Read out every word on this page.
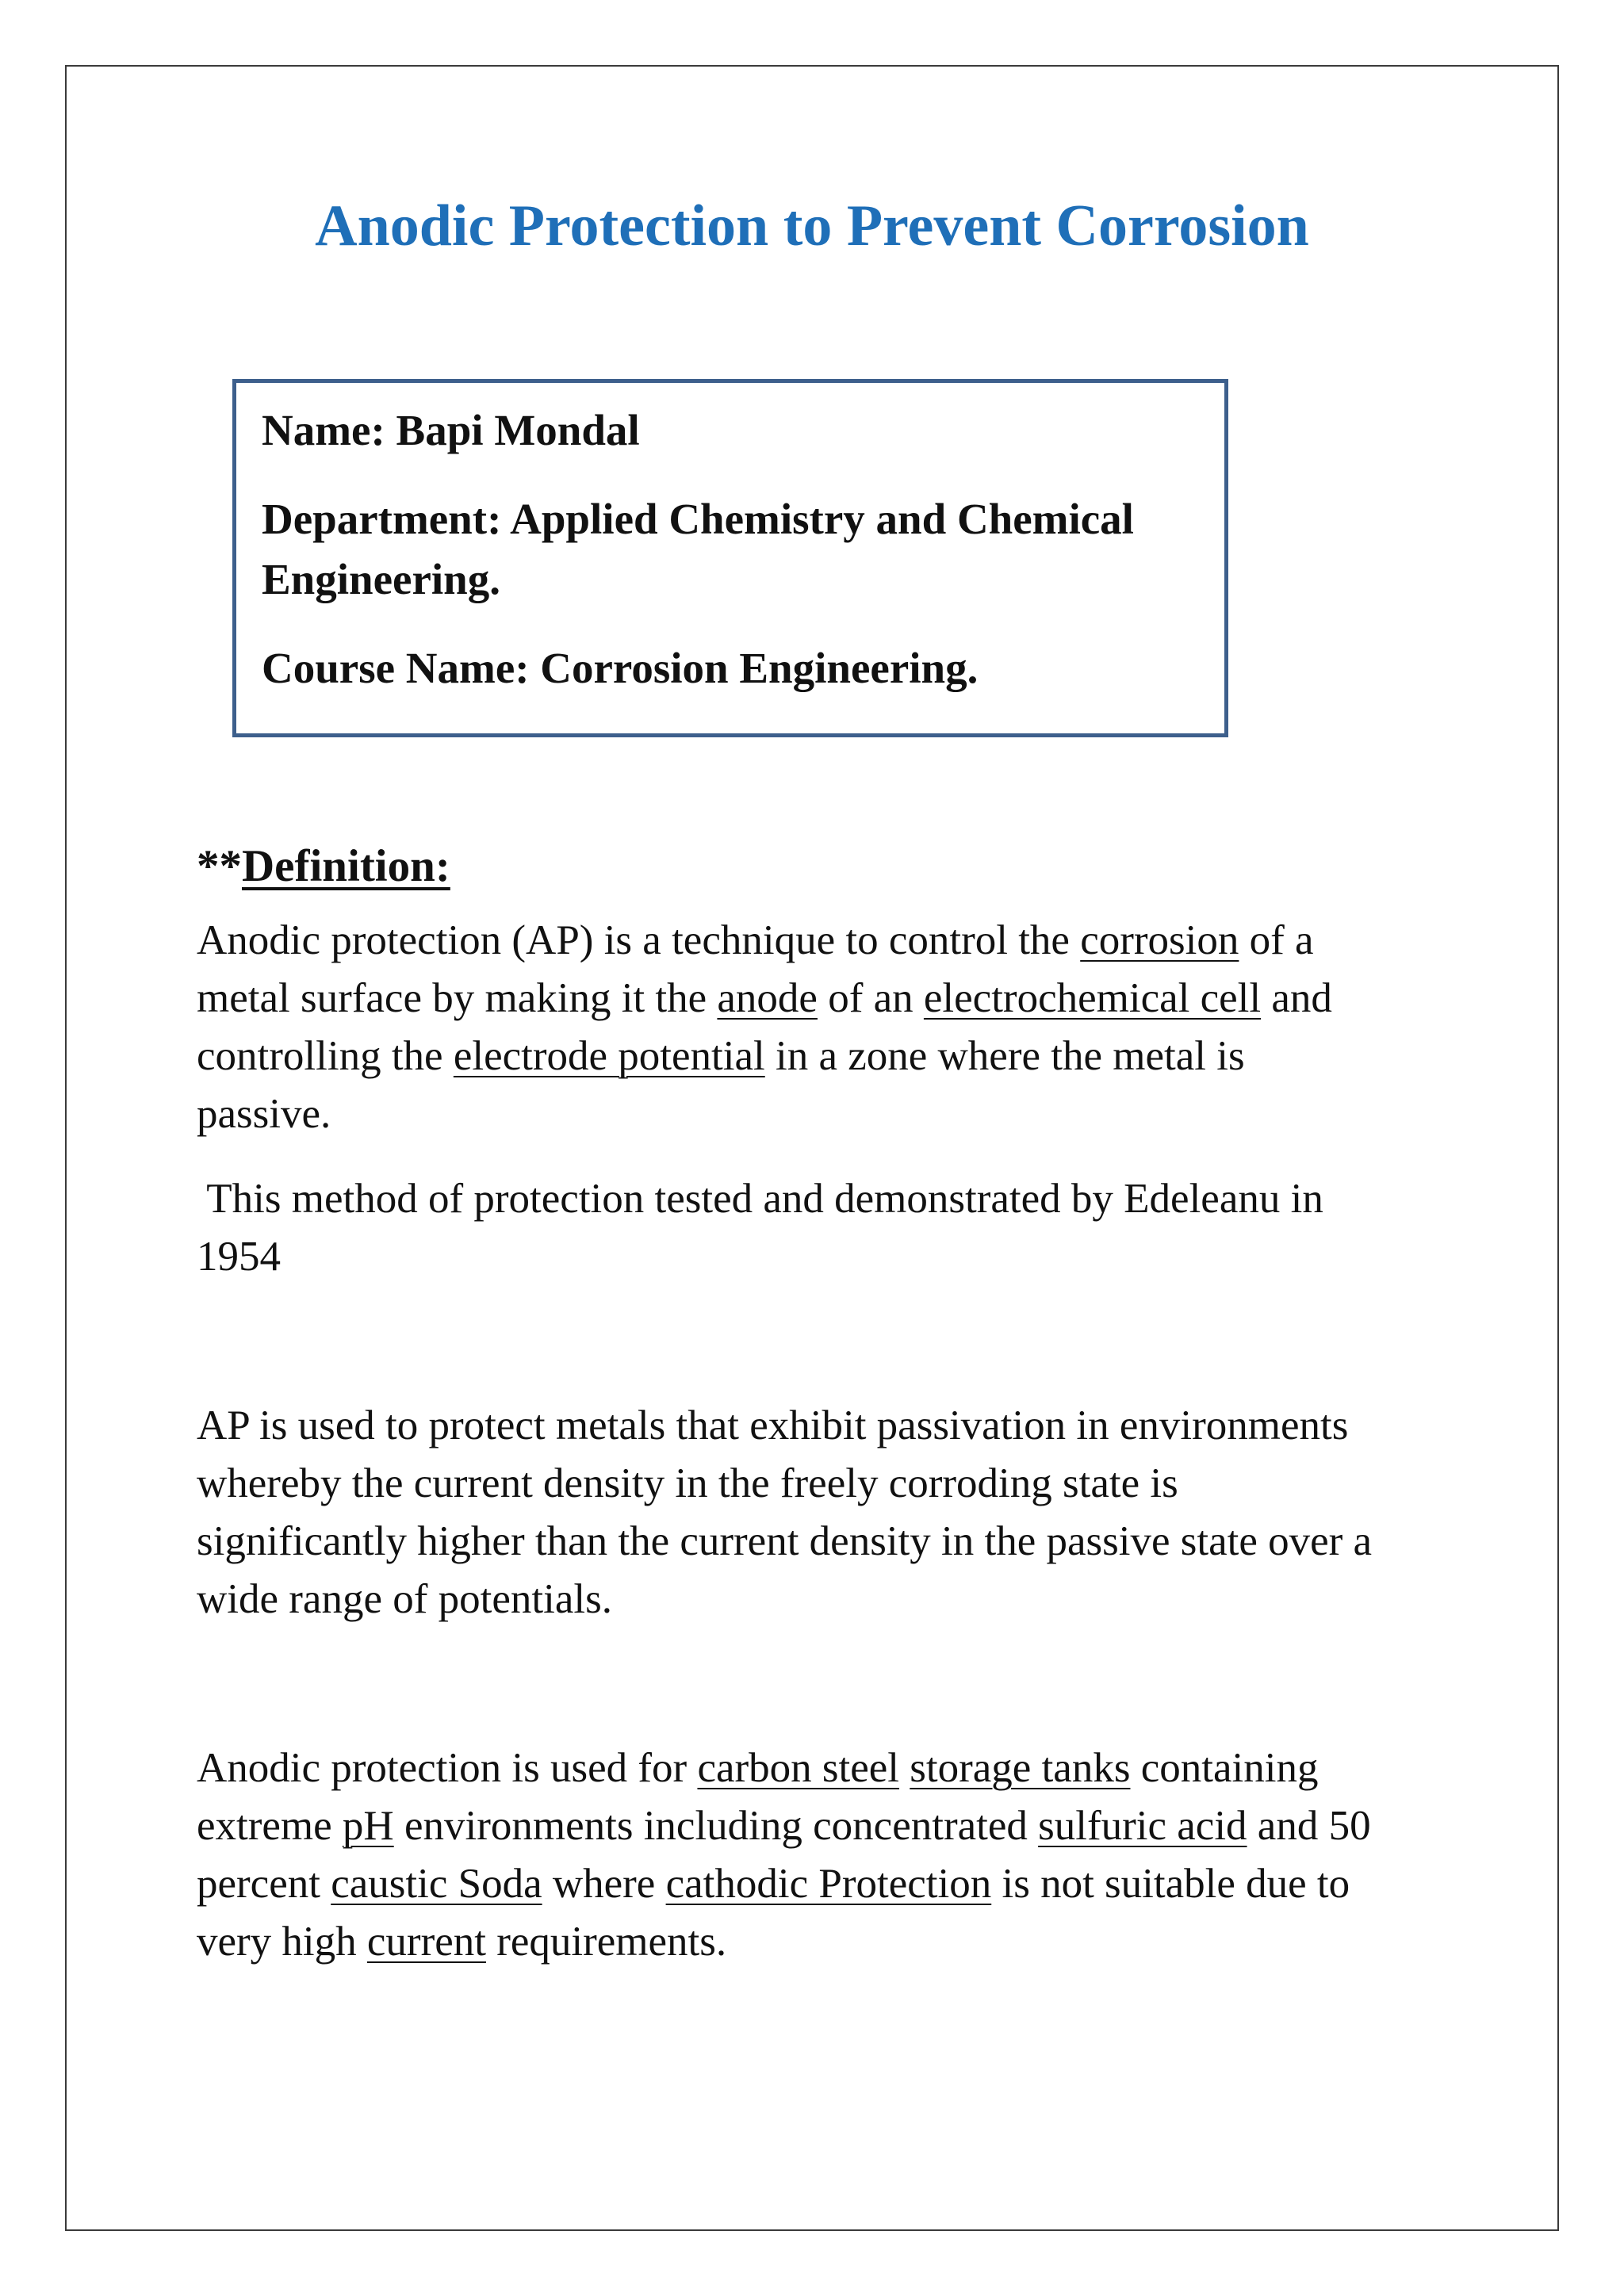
Anodic Protection to Prevent Corrosion

Name: Bapi Mondal

Department: Applied Chemistry and Chemical
Engineering.

Course Name: Corrosion Engineering.

**Definition:

Anodic protection (AP) is a technique to control the corrosion of a
metal surface by making it the anode of an electrochemical cell and
controlling the electrode potential in a zone where the metal is
passive.

This method of protection tested and demonstrated by Edeleanu in
1954

AP is used to protect metals that exhibit passivation in environments
whereby the current density in the freely corroding state is
significantly higher than the current density in the passive state over a
wide range of potentials.

Anodic protection is used for carbon steel storage tanks containing
extreme pH environments including concentrated sulfuric acid and 50
percent caustic Soda where cathodic Protection is not suitable due to
very high current requirements.
